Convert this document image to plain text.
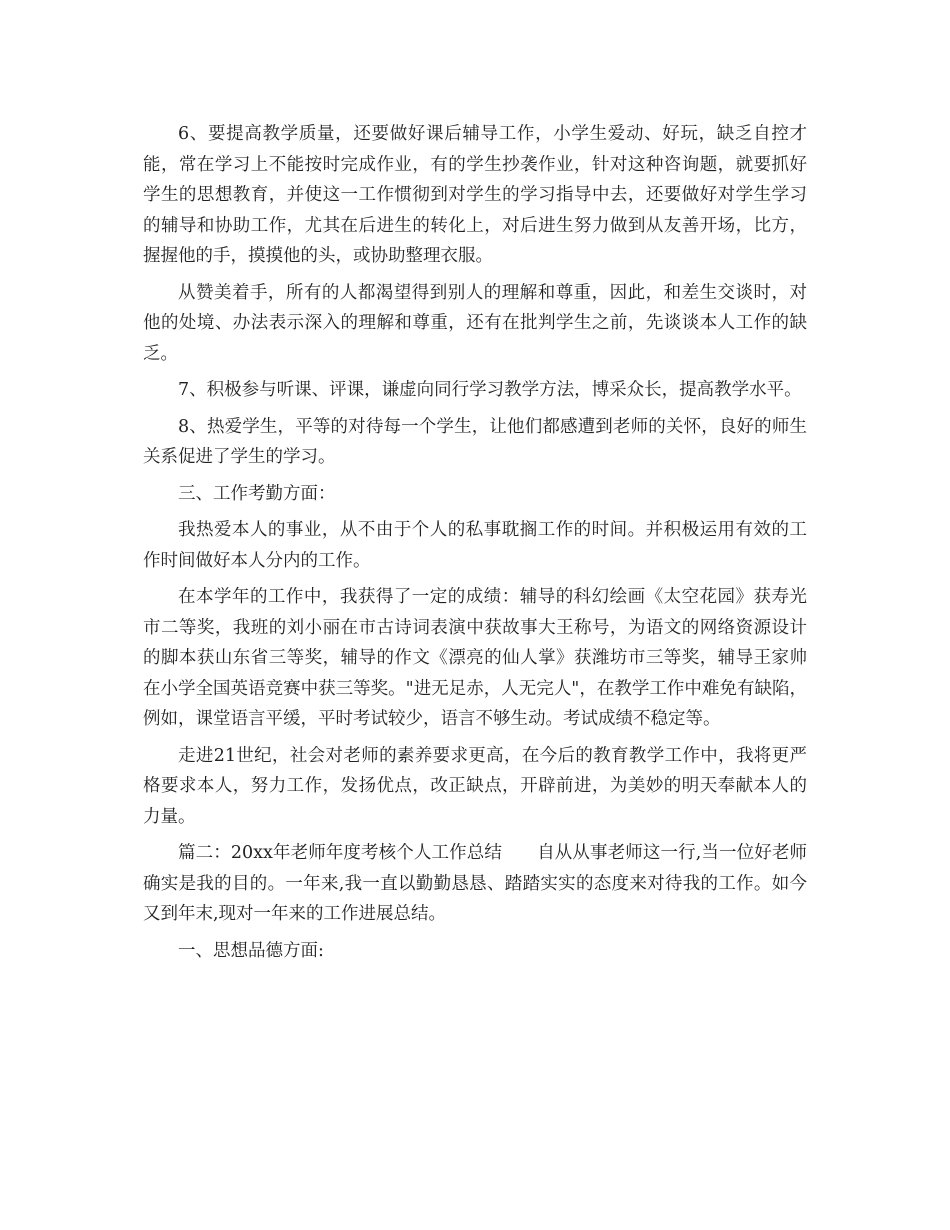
6、要提高教学质量，还要做好课后辅导工作，小学生爱动、好玩，缺乏自控才能，常在学习上不能按时完成作业，有的学生抄袭作业，针对这种咨询题，就要抓好学生的思想教育，并使这一工作惯彻到对学生的学习指导中去，还要做好对学生学习的辅导和协助工作，尤其在后进生的转化上，对后进生努力做到从友善开场，比方，握握他的手，摸摸他的头，或协助整理衣服。

从赞美着手，所有的人都渴望得到别人的理解和尊重，因此，和差生交谈时，对他的处境、办法表示深入的理解和尊重，还有在批判学生之前，先谈谈本人工作的缺乏。

7、积极参与听课、评课，谦虚向同行学习教学方法，博采众长，提高教学水平。

8、热爱学生，平等的对待每一个学生，让他们都感遭到老师的关怀，良好的师生关系促进了学生的学习。

三、工作考勤方面：

我热爱本人的事业，从不由于个人的私事耽搁工作的时间。并积极运用有效的工作时间做好本人分内的工作。

在本学年的工作中，我获得了一定的成绩：辅导的科幻绘画《太空花园》获寿光市二等奖，我班的刘小丽在市古诗词表演中获故事大王称号，为语文的网络资源设计的脚本获山东省三等奖，辅导的作文《漂亮的仙人掌》获潍坊市三等奖，辅导王家帅在小学全国英语竞赛中获三等奖。"进无足赤，人无完人"，在教学工作中难免有缺陷，例如，课堂语言平缓，平时考试较少，语言不够生动。考试成绩不稳定等。

走进21世纪，社会对老师的素养要求更高，在今后的教育教学工作中，我将更严格要求本人，努力工作，发扬优点，改正缺点，开辟前进，为美妙的明天奉献本人的力量。

篇二：20xx年老师年度考核个人工作总结　　自从从事老师这一行,当一位好老师确实是我的目的。一年来,我一直以勤勤恳恳、踏踏实实的态度来对待我的工作。如今又到年末,现对一年来的工作进展总结。

一、思想品德方面:
